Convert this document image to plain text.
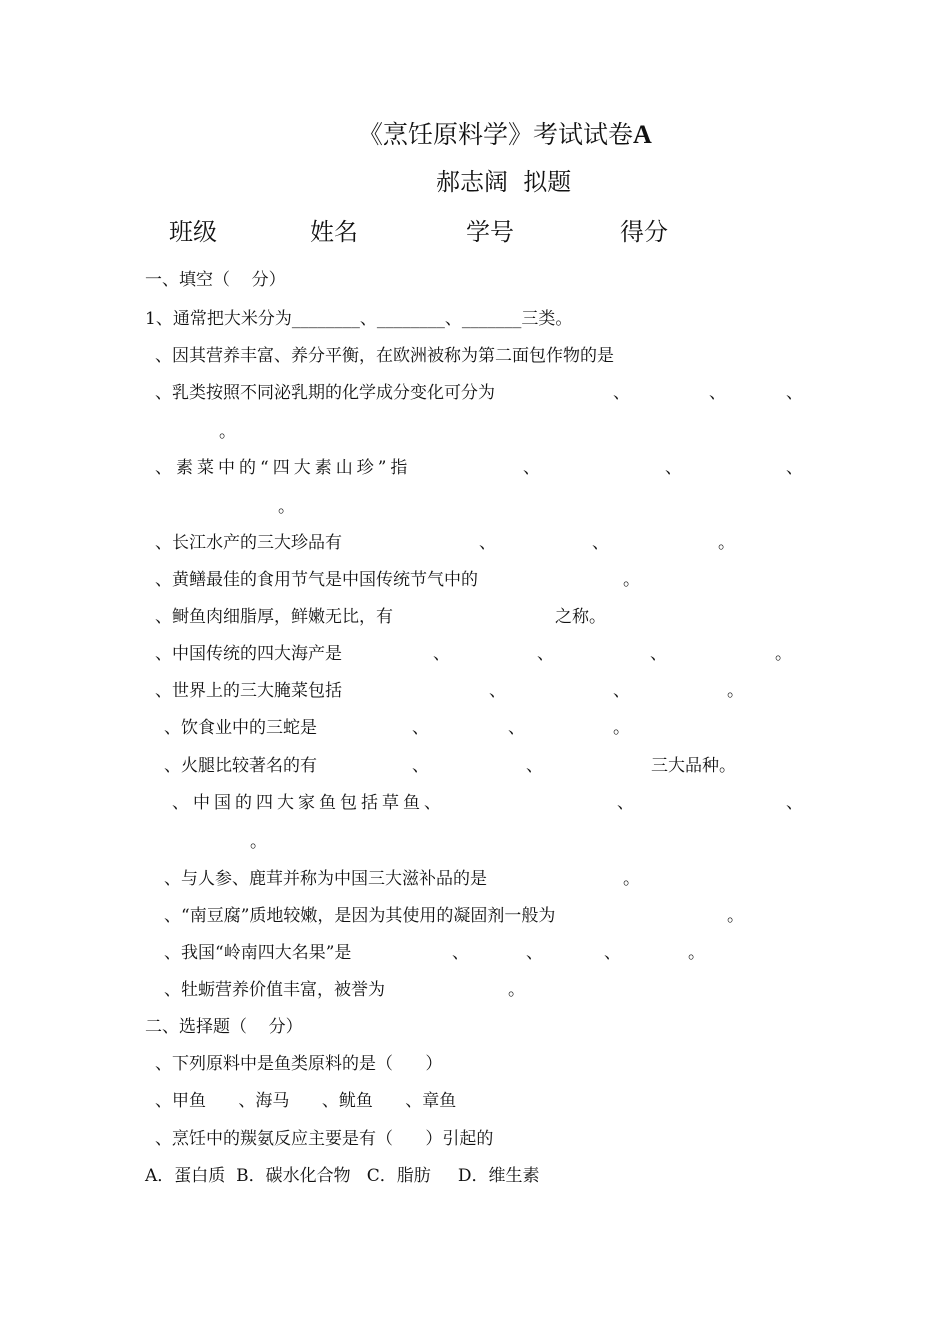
《烹饪原料学》考试试卷A
郝志阔  拟题
班级	姓名	学号	得分
一、填空（    分）
1、通常把大米分为________、________、_______三类。
、因其营养丰富、养分平衡，在欧洲被称为第二面包作物的是
、乳类按照不同泌乳期的化学成分变化可分为	、	、	、
。
、素菜中的“四大素山珍”指	、	、	、
。
、长江水产的三大珍品有	、	、	。
、黄鳝最佳的食用节气是中国传统节气中的	。
、鲥鱼肉细脂厚，鲜嫩无比，有	之称。
、中国传统的四大海产是	、	、	、	。
、世界上的三大腌菜包括	、	、	。
、饮食业中的三蛇是	、	、	。
、火腿比较著名的有	、	、	三大品种。
、中国的四大家鱼包括草鱼、	、	、
。
、与人参、鹿茸并称为中国三大滋补品的是	。
、“南豆腐”质地较嫩，是因为其使用的凝固剂一般为	。
、我国“岭南四大名果”是	、	、	、	。
、牡蛎营养价值丰富，被誉为	。
二、选择题（    分）
、下列原料中是鱼类原料的是（      ）
、甲鱼      、海马      、鱿鱼      、章鱼
、烹饪中的羰氨反应主要是有（      ）引起的
A．蛋白质  B．碳水化合物   C．脂肪     D．维生素
